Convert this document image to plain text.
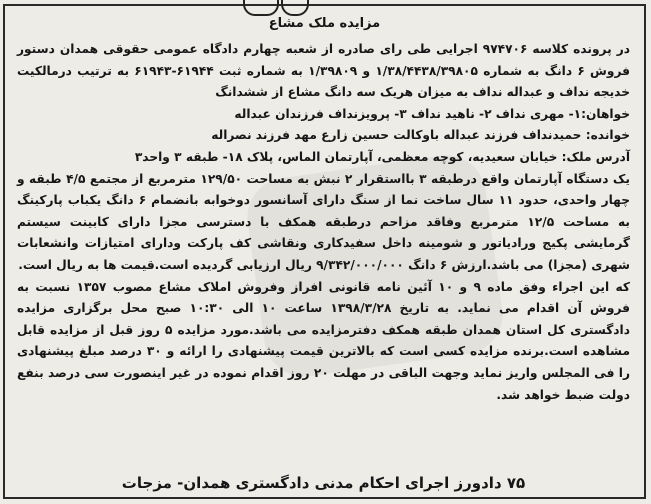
مزایده ملک مشاع

در پرونده کلاسه ۹۷۴۷۰۶ اجرایی طی رای صادره از شعبه چهارم دادگاه عمومی حقوقی همدان دستور فروش ۶ دانگ به شماره ۱/۳۸/۴۴۳۸/۳۹۸۰۵ و ۱/۳۹۸۰۹ به شماره ثبت ۶۱۹۴۴-۶۱۹۴۳ به ترتیب درمالکیت خدیجه نداف و عبداله نداف به میزان هریک سه دانگ مشاع از ششدانگ

خواهان:۱- مهری نداف ۲- ناهید نداف ۳- پرویزنداف فرزندان عبداله

خوانده: حمیدنداف فرزند عبداله باوکالت حسین زارع مهد فرزند نصراله

آدرس ملک: خیابان سعیدیه، کوچه معظمی، آپارتمان الماس، پلاک ۱۸- طبقه ۳ واحد۳

یک دستگاه آپارتمان واقع درطبقه ۳ بااستقرار ۲ نبش به مساحت ۱۲۹/۵۰ مترمربع از مجتمع ۴/۵ طبقه و چهار واحدی، حدود ۱۱ سال ساخت نما از سنگ دارای آسانسور دوخوابه بانضمام ۶ دانگ یکباب پارکینگ به مساحت ۱۲/۵ مترمربع وفاقد مزاحم درطبقه همکف با دسترسی مجزا دارای کابینت سیستم گرمایشی پکیج ورادیاتور و شومینه داخل سفیدکاری ونقاشی کف پارکت ودارای امتیازات وانشعابات شهری (مجزا) می باشد.ارزش ۶ دانگ ۹/۳۴۲/۰۰۰/۰۰۰ ریال ارزیابی گردیده است.قیمت ها به ریال است.

که این اجراء وفق ماده ۹ و ۱۰ آئین نامه قانونی افراز وفروش املاک مشاع مصوب ۱۳۵۷ نسبت به فروش آن اقدام می نماید. به تاریخ ۱۳۹۸/۳/۲۸ ساعت ۱۰ الی ۱۰:۳۰ صبح محل برگزاری مزایده دادگستری کل استان همدان طبقه همکف دفترمزایده می باشد.مورد مزایده ۵ روز قبل از مزایده قابل مشاهده است.برنده مزایده کسی است که بالاترین قیمت پیشنهادی را ارائه و ۳۰ درصد مبلغ پیشنهادی را فی المجلس واریز نماید وجهت الباقی در مهلت ۲۰ روز اقدام نموده در غیر اینصورت سی درصد بنفع دولت ضبط خواهد شد.

۷۵ دادورز اجرای احکام مدنی دادگستری همدان- مزجات
